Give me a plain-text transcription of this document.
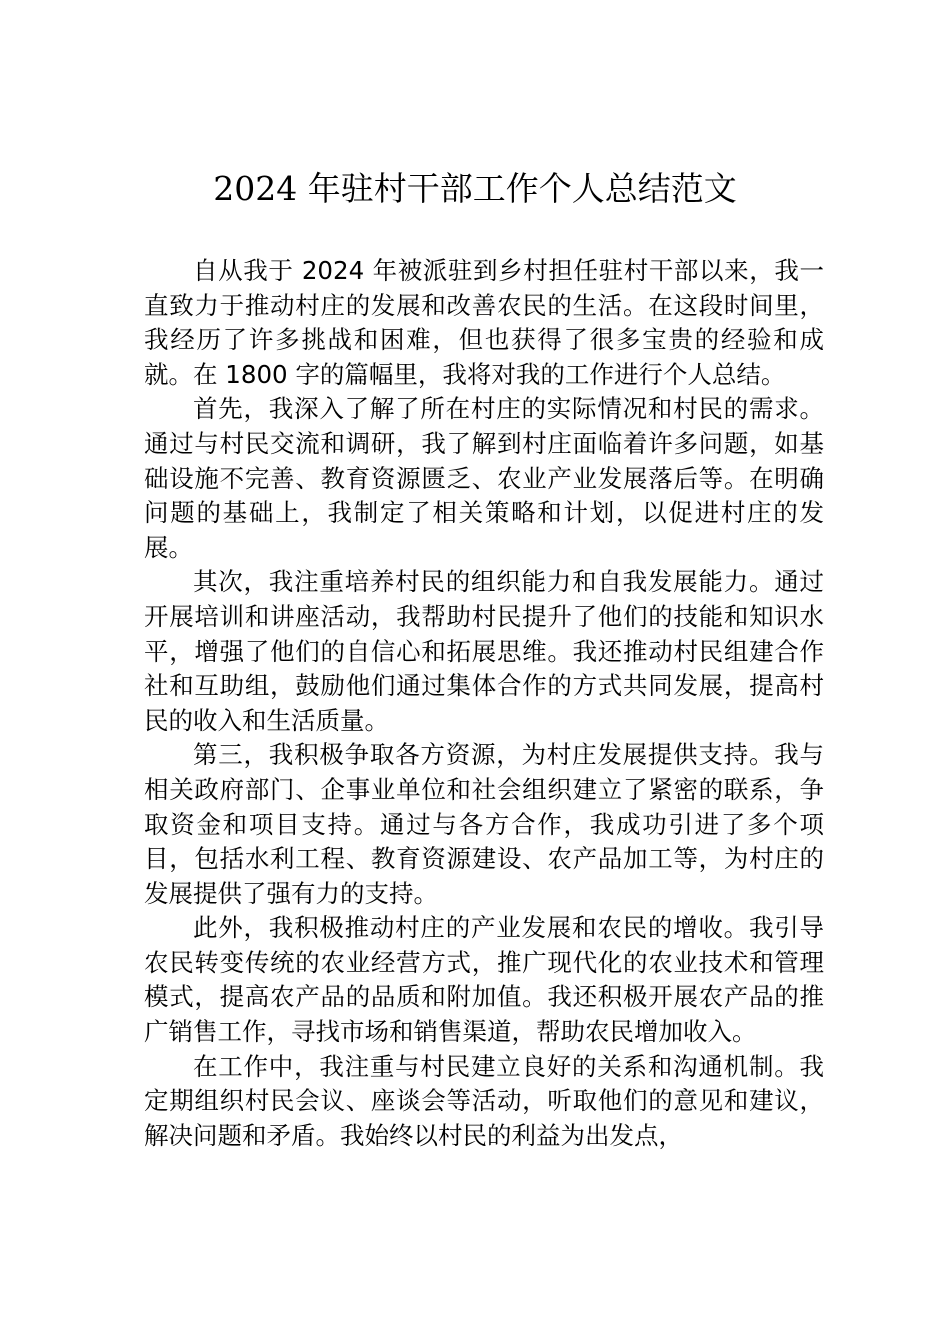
2024 年驻村干部工作个人总结范文

自从我于 2024 年被派驻到乡村担任驻村干部以来，我一直致力于推动村庄的发展和改善农民的生活。在这段时间里，我经历了许多挑战和困难，但也获得了很多宝贵的经验和成就。在 1800 字的篇幅里，我将对我的工作进行个人总结。

首先，我深入了解了所在村庄的实际情况和村民的需求。通过与村民交流和调研，我了解到村庄面临着许多问题，如基础设施不完善、教育资源匮乏、农业产业发展落后等。在明确问题的基础上，我制定了相关策略和计划，以促进村庄的发展。

其次，我注重培养村民的组织能力和自我发展能力。通过开展培训和讲座活动，我帮助村民提升了他们的技能和知识水平，增强了他们的自信心和拓展思维。我还推动村民组建合作社和互助组，鼓励他们通过集体合作的方式共同发展，提高村民的收入和生活质量。

第三，我积极争取各方资源，为村庄发展提供支持。我与相关政府部门、企事业单位和社会组织建立了紧密的联系，争取资金和项目支持。通过与各方合作，我成功引进了多个项目，包括水利工程、教育资源建设、农产品加工等，为村庄的发展提供了强有力的支持。

此外，我积极推动村庄的产业发展和农民的增收。我引导农民转变传统的农业经营方式，推广现代化的农业技术和管理模式，提高农产品的品质和附加值。我还积极开展农产品的推广销售工作，寻找市场和销售渠道，帮助农民增加收入。

在工作中，我注重与村民建立良好的关系和沟通机制。我定期组织村民会议、座谈会等活动，听取他们的意见和建议，解决问题和矛盾。我始终以村民的利益为出发点，
